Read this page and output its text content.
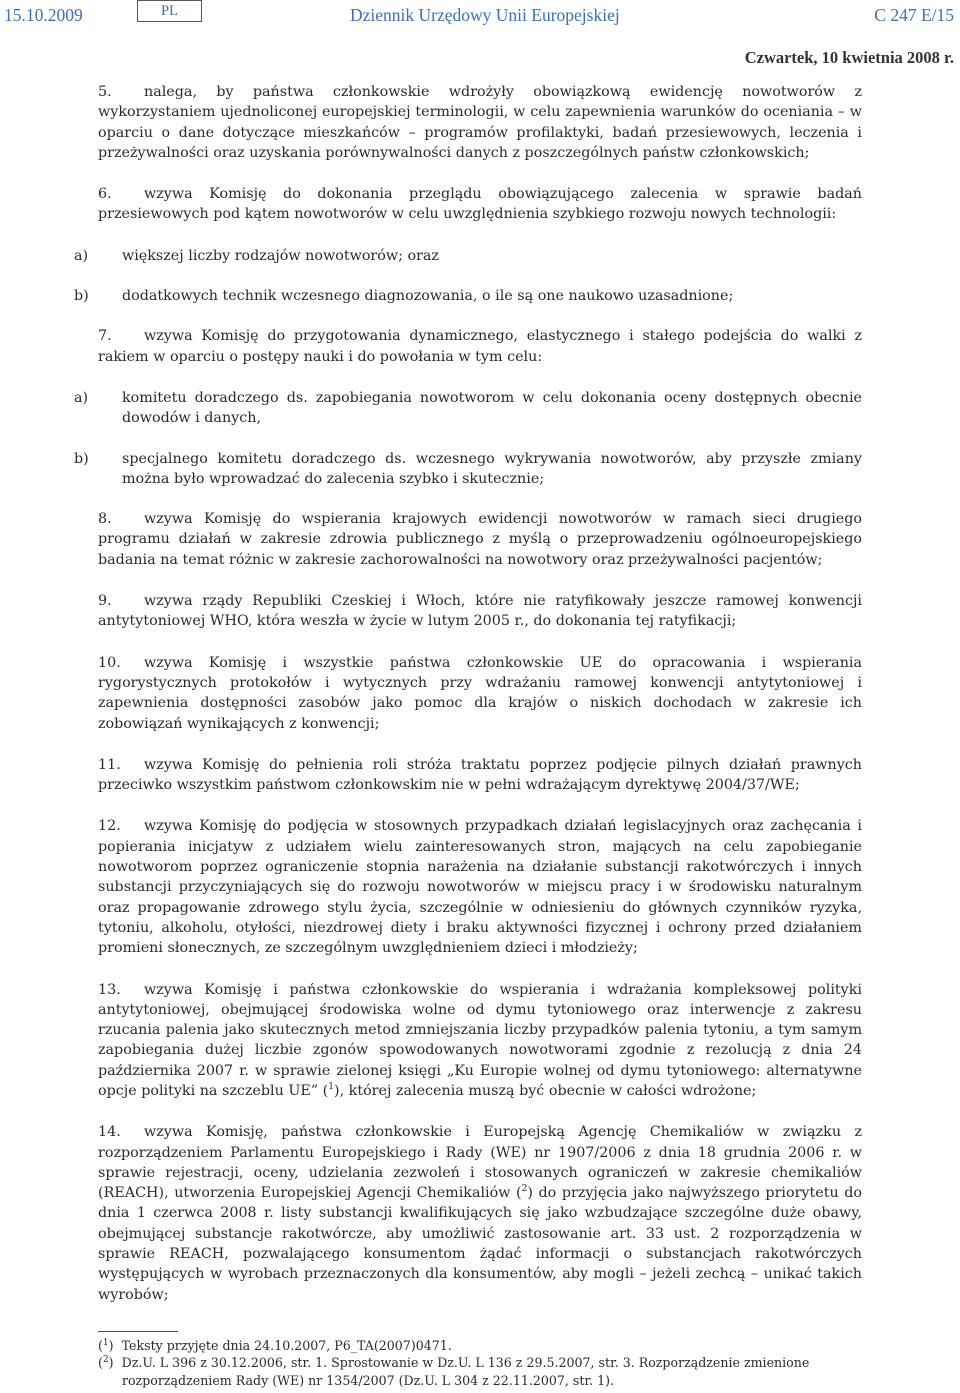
15.10.2009	PL	Dziennik Urzędowy Unii Europejskiej	C 247 E/15
Czwartek, 10 kwietnia 2008 r.

5. nalega, by państwa członkowskie wdrożyły obowiązkową ewidencję nowotworów z wykorzystaniem ujednoliconej europejskiej terminologii, w celu zapewnienia warunków do oceniania – w oparciu o dane dotyczące mieszkańców – programów profilaktyki, badań przesiewowych, leczenia i przeżywalności oraz uzyskania porównywalności danych z poszczególnych państw członkowskich;

6. wzywa Komisję do dokonania przeglądu obowiązującego zalecenia w sprawie badań przesiewowych pod kątem nowotworów w celu uwzględnienia szybkiego rozwoju nowych technologii:

a) większej liczby rodzajów nowotworów; oraz

b) dodatkowych technik wczesnego diagnozowania, o ile są one naukowo uzasadnione;

7. wzywa Komisję do przygotowania dynamicznego, elastycznego i stałego podejścia do walki z rakiem w oparciu o postępy nauki i do powołania w tym celu:

a) komitetu doradczego ds. zapobiegania nowotworom w celu dokonania oceny dostępnych obecnie dowodów i danych,

b) specjalnego komitetu doradczego ds. wczesnego wykrywania nowotworów, aby przyszłe zmiany można było wprowadzać do zalecenia szybko i skutecznie;

8. wzywa Komisję do wspierania krajowych ewidencji nowotworów w ramach sieci drugiego programu działań w zakresie zdrowia publicznego z myślą o przeprowadzeniu ogólnoeuropejskiego badania na temat różnic w zakresie zachorowalności na nowotwory oraz przeżywalności pacjentów;

9. wzywa rządy Republiki Czeskiej i Włoch, które nie ratyfikowały jeszcze ramowej konwencji antytytoniowej WHO, która weszła w życie w lutym 2005 r., do dokonania tej ratyfikacji;

10. wzywa Komisję i wszystkie państwa członkowskie UE do opracowania i wspierania rygorystycznych protokołów i wytycznych przy wdrażaniu ramowej konwencji antytytoniowej i zapewnienia dostępności zasobów jako pomoc dla krajów o niskich dochodach w zakresie ich zobowiązań wynikających z konwencji;

11. wzywa Komisję do pełnienia roli stróża traktatu poprzez podjęcie pilnych działań prawnych przeciwko wszystkim państwom członkowskim nie w pełni wdrażającym dyrektywę 2004/37/WE;

12. wzywa Komisję do podjęcia w stosownych przypadkach działań legislacyjnych oraz zachęcania i popierania inicjatyw z udziałem wielu zainteresowanych stron, mających na celu zapobieganie nowotworom poprzez ograniczenie stopnia narażenia na działanie substancji rakotwórczych i innych substancji przyczyniających się do rozwoju nowotworów w miejscu pracy i w środowisku naturalnym oraz propagowanie zdrowego stylu życia, szczególnie w odniesieniu do głównych czynników ryzyka, tytoniu, alkoholu, otyłości, niezdrowej diety i braku aktywności fizycznej i ochrony przed działaniem promieni słonecznych, ze szczególnym uwzględnieniem dzieci i młodzieży;

13. wzywa Komisję i państwa członkowskie do wspierania i wdrażania kompleksowej polityki antytytoniowej, obejmującej środowiska wolne od dymu tytoniowego oraz interwencje z zakresu rzucania palenia jako skutecznych metod zmniejszania liczby przypadków palenia tytoniu, a tym samym zapobiegania dużej liczbie zgonów spowodowanych nowotworami zgodnie z rezolucją z dnia 24 października 2007 r. w sprawie zielonej księgi „Ku Europie wolnej od dymu tytoniowego: alternatywne opcje polityki na szczeblu UE” ($^1$), której zalecenia muszą być obecnie w całości wdrożone;

14. wzywa Komisję, państwa członkowskie i Europejską Agencję Chemikaliów w związku z rozporządzeniem Parlamentu Europejskiego i Rady (WE) nr 1907/2006 z dnia 18 grudnia 2006 r. w sprawie rejestracji, oceny, udzielania zezwoleń i stosowanych ograniczeń w zakresie chemikaliów (REACH), utworzenia Europejskiej Agencji Chemikaliów ($^2$) do przyjęcia jako najwyższego priorytetu do dnia 1 czerwca 2008 r. listy substancji kwalifikujących się jako wzbudzające szczególne duże obawy, obejmującej substancje rakotwórcze, aby umożliwić zastosowanie art. 33 ust. 2 rozporządzenia w sprawie REACH, pozwalającego konsumentom żądać informacji o substancjach rakotwórczych występujących w wyrobach przeznaczonych dla konsumentów, aby mogli – jeżeli zechcą – unikać takich wyrobów;

($^1$) Teksty przyjęte dnia 24.10.2007, P6_TA(2007)0471.

($^2$) Dz.U. L 396 z 30.12.2006, str. 1. Sprostowanie w Dz.U. L 136 z 29.5.2007, str. 3. Rozporządzenie zmienione rozporządzeniem Rady (WE) nr 1354/2007 (Dz.U. L 304 z 22.11.2007, str. 1).
